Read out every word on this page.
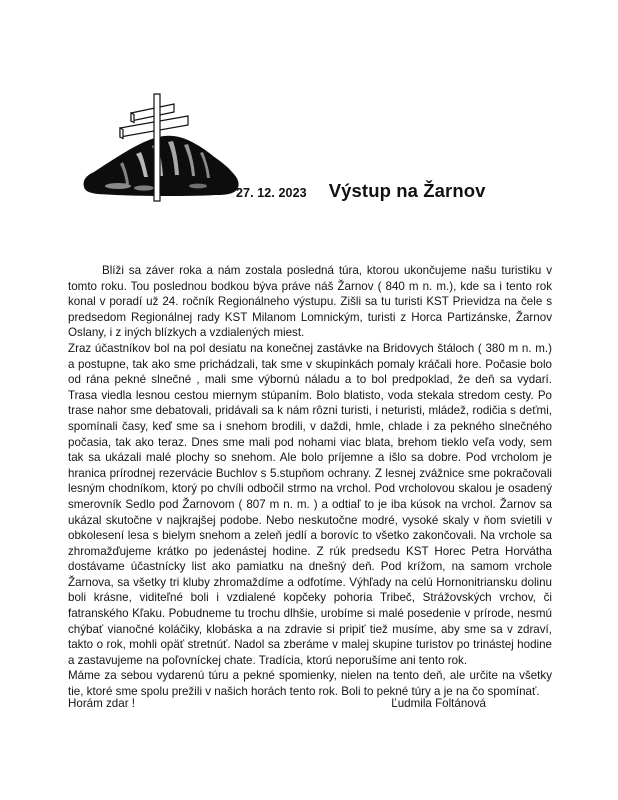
27. 12. 2023 Výstup na Žarnov

Blíži sa záver roka a nám zostala posledná túra, ktorou ukončujeme našu turistiku v tomto roku. Tou poslednou bodkou býva práve náš Žarnov ( 840 m n. m.), kde sa i tento rok konal v poradí už 24. ročník Regionálneho výstupu. Zišli sa tu turisti KST Prievidza na čele s predsedom Regionálnej rady KST Milanom Lomnickým, turisti z Horca Partizánske, Žarnov Oslany, i z iných blízkych a vzdialených miest.

Zraz účastníkov bol na pol desiatu na konečnej zastávke na Bridovych štáloch ( 380 m n. m.) a postupne, tak ako sme prichádzali, tak sme v skupinkách pomaly kráčali hore. Počasie bolo od rána pekné slnečné , mali sme výbornú náladu a to bol predpoklad, že deň sa vydarí. Trasa viedla lesnou cestou miernym stúpaním. Bolo blatisto, voda stekala stredom cesty. Po trase nahor sme debatovali, pridávali sa k nám rôzni turisti, i neturisti, mládež, rodičia s deťmi, spomínali časy, keď sme sa i snehom brodili, v daždi, hmle, chlade i za pekného slnečného počasia, tak ako teraz. Dnes sme mali pod nohami viac blata, brehom tieklo veľa vody, sem tak sa ukázali malé plochy so snehom. Ale bolo príjemne a išlo sa dobre. Pod vrcholom je hranica prírodnej rezervácie Buchlov s 5.stupňom ochrany. Z lesnej zvážnice sme pokračovali lesným chodníkom, ktorý po chvíli odbočil strmo na vrchol. Pod vrcholovou skalou je osadený smerovník Sedlo pod Žarnovom ( 807 m n. m. ) a odtiaľ to je iba kúsok na vrchol. Žarnov sa ukázal skutočne v najkrajšej podobe. Nebo neskutočne modré, vysoké skaly v ňom svietili v obkolesení lesa s bielym snehom a zeleň jedlí a borovíc to všetko zakončovali. Na vrchole sa zhromažďujeme krátko po jedenástej hodine. Z rúk predsedu KST Horec Petra Horvátha dostávame účastnícky list ako pamiatku na dnešný deň. Pod krížom, na samom vrchole Žarnova, sa všetky tri kluby zhromaždíme a odfotíme. Výhľady na celú Hornonitriansku dolinu boli krásne, viditeľné boli i vzdialené kopčeky pohoria Tribeč, Strážovských vrchov, či fatranského Kľaku. Pobudneme tu trochu dlhšie, urobíme si malé posedenie v prírode, nesmú chýbať vianočné koláčiky, klobáska a na zdravie si pripiť tiež musíme, aby sme sa v zdraví, takto o rok, mohli opäť stretnúť. Nadol sa zberáme v malej skupine turistov po trinástej hodine a zastavujeme na poľovníckej chate. Tradícia, ktorú neporušíme ani tento rok.

Máme za sebou vydarenú túru a pekné spomienky, nielen na tento deň, ale určite na všetky tie, ktoré sme spolu prežili v našich horách tento rok. Boli to pekné túry a je na čo spomínať.

Horám zdar !	Ľudmila Foltánová
